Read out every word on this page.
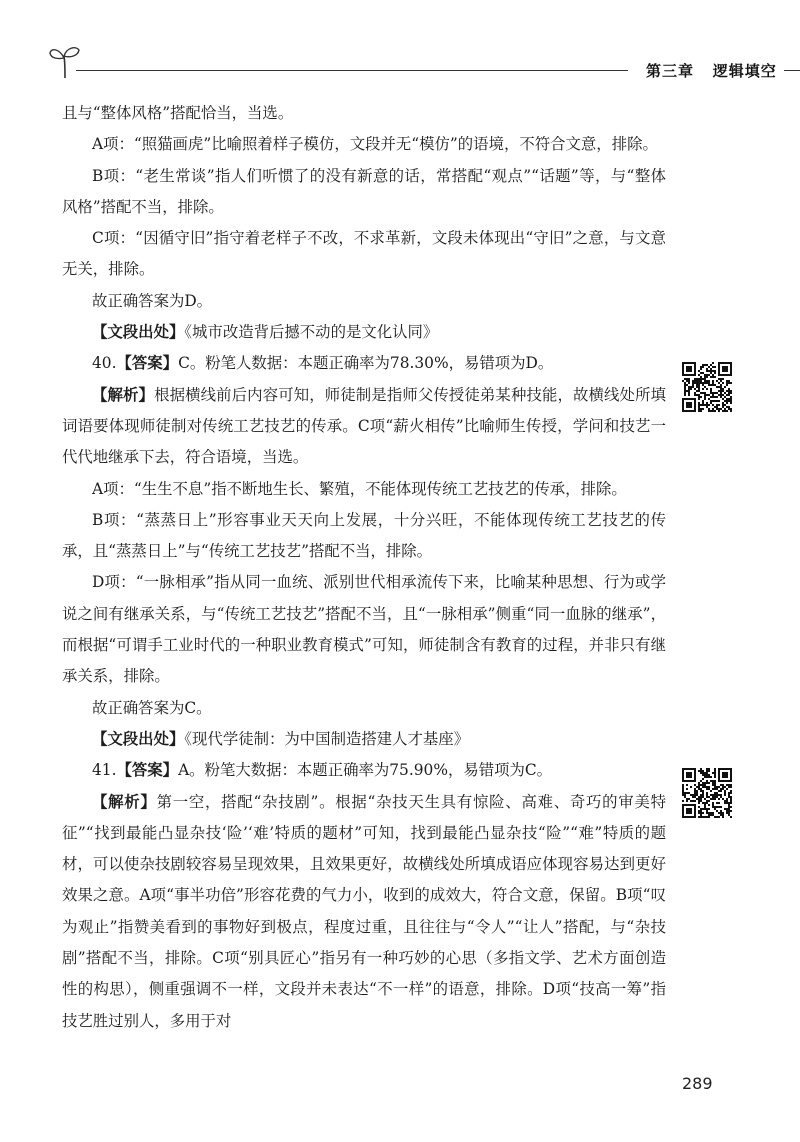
第三章 逻辑填空

且与“整体风格”搭配恰当，当选。

A项：“照猫画虎”比喻照着样子模仿，文段并无“模仿”的语境，不符合文意，排除。

B项：“老生常谈”指人们听惯了的没有新意的话，常搭配“观点”“话题”等，与“整体风格”搭配不当，排除。

C项：“因循守旧”指守着老样子不改，不求革新，文段未体现出“守旧”之意，与文意无关，排除。

故正确答案为D。

【文段出处】《城市改造背后撼不动的是文化认同》

40.【答案】C。粉笔人数据：本题正确率为78.30%，易错项为D。

【解析】根据横线前后内容可知，师徒制是指师父传授徒弟某种技能，故横线处所填词语要体现师徒制对传统工艺技艺的传承。C项“薪火相传”比喻师生传授，学问和技艺一代代地继承下去，符合语境，当选。

A项：“生生不息”指不断地生长、繁殖，不能体现传统工艺技艺的传承，排除。

B项：“蒸蒸日上”形容事业天天向上发展，十分兴旺，不能体现传统工艺技艺的传承，且“蒸蒸日上”与“传统工艺技艺”搭配不当，排除。

D项：“一脉相承”指从同一血统、派别世代相承流传下来，比喻某种思想、行为或学说之间有继承关系，与“传统工艺技艺”搭配不当，且“一脉相承”侧重“同一血脉的继承”，而根据“可谓手工业时代的一种职业教育模式”可知，师徒制含有教育的过程，并非只有继承关系，排除。

故正确答案为C。

【文段出处】《现代学徒制：为中国制造搭建人才基座》

41.【答案】A。粉笔大数据：本题正确率为75.90%，易错项为C。

【解析】第一空，搭配“杂技剧”。根据“杂技天生具有惊险、高难、奇巧的审美特征”“找到最能凸显杂技‘险’‘难’特质的题材”可知，找到最能凸显杂技“险”“难”特质的题材，可以使杂技剧较容易呈现效果，且效果更好，故横线处所填成语应体现容易达到更好效果之意。A项“事半功倍”形容花费的气力小，收到的成效大，符合文意，保留。B项“叹为观止”指赞美看到的事物好到极点，程度过重，且往往与“令人”“让人”搭配，与“杂技剧”搭配不当，排除。C项“别具匠心”指另有一种巧妙的心思（多指文学、艺术方面创造性的构思），侧重强调不一样，文段并未表达“不一样”的语意，排除。D项“技高一筹”指技艺胜过别人，多用于对

289
